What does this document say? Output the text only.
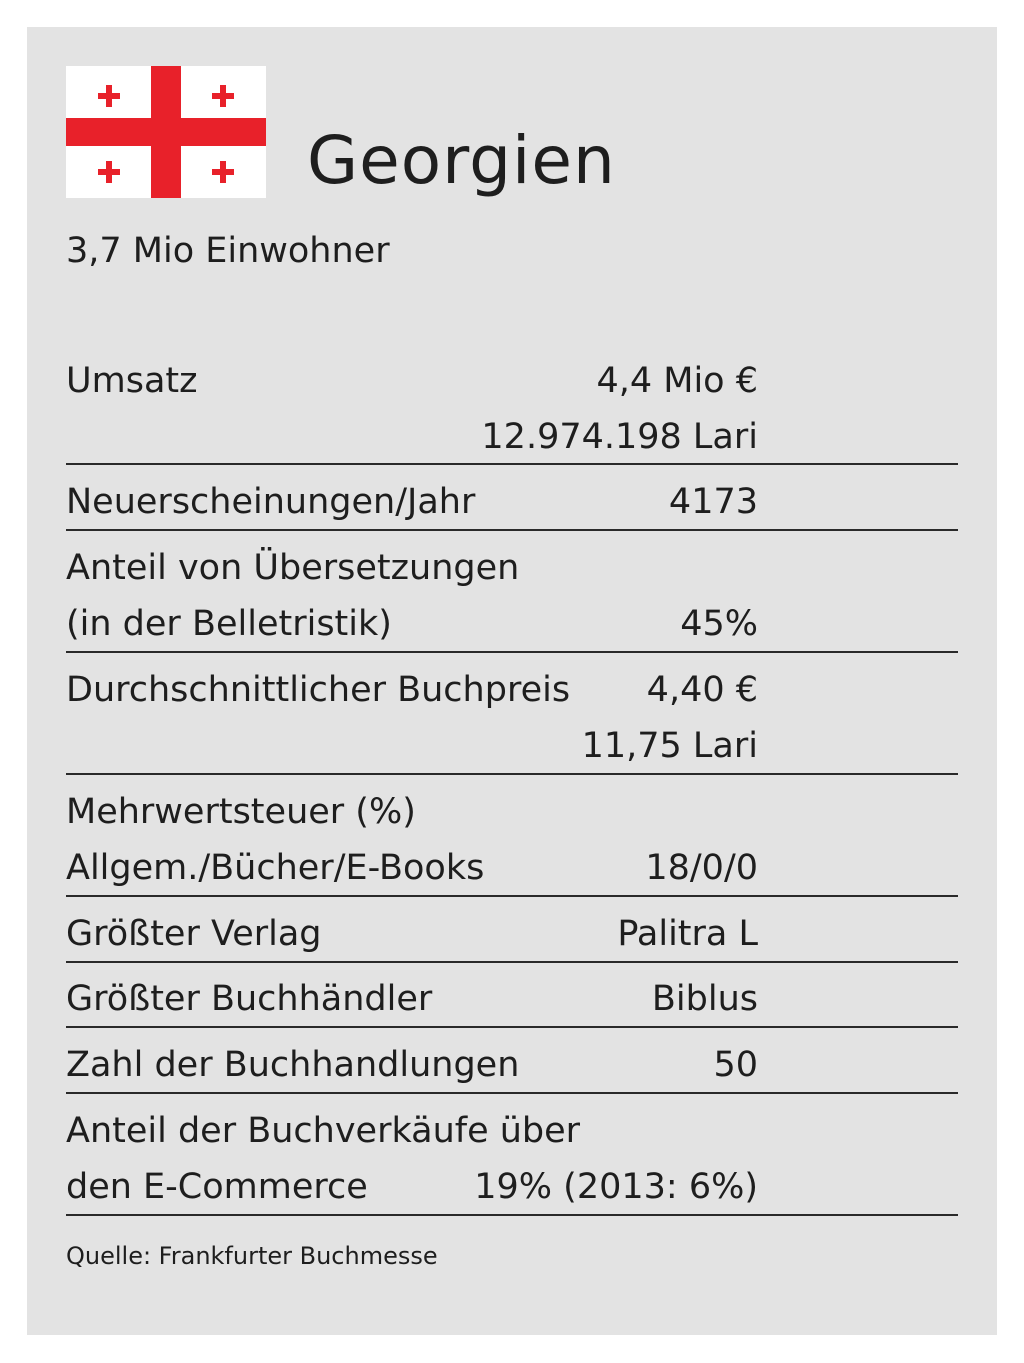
Georgien
3,7 Mio Einwohner
Umsatz	4,4 Mio €
12.974.198 Lari
Neuerscheinungen/Jahr	4173
Anteil von Übersetzungen
(in der Belletristik)	45%
Durchschnittlicher Buchpreis 4,40 €
11,75 Lari
Mehrwertsteuer (%)
Allgem./Bücher/E-Books	18/0/0
Größter Verlag	Palitra L
Größter Buchhändler	Biblus
Zahl der Buchhandlungen	50
Anteil der Buchverkäufe über
den E-Commerce	19% (2013: 6%)
Quelle: Frankfurter Buchmesse
